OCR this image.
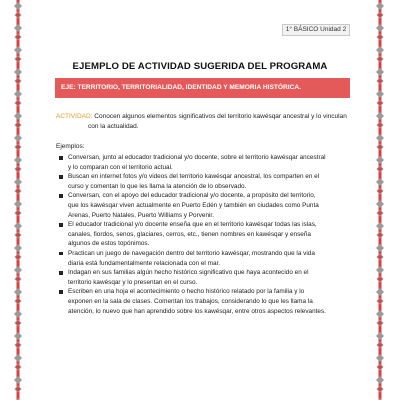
1° BÁSICO Unidad 2
EJEMPLO DE ACTIVIDAD SUGERIDA DEL PROGRAMA
EJE: TERRITORIO, TERRITORIALIDAD, IDENTIDAD Y MEMORIA HISTÓRICA.
ACTIVIDAD: Conocen algunos elementos significativos del territorio kawésqar ancestral y lo vinculan
con la actualidad.
Ejemplos:
Conversan, junto al educador tradicional y/o docente, sobre el territorio kawésqar ancestral
y lo comparan con el territorio actual.
Buscan en internet fotos y/o videos del territorio kawésqar ancestral, los comparten en el
curso y comentan lo que les llama la atención de lo observado.
Conversan, con el apoyo del educador tradicional y/o docente, a propósito del territorio,
que los kawésqar viven actualmente en Puerto Edén y también en ciudades como Punta
Arenas, Puerto Natales, Puerto Williams y Porvenir.
El educador tradicional y/o docente enseña que en el territorio kawésqar todas las islas,
canales, fiordos, senos, glaciares, cerros, etc., tienen nombres en kawésqar y enseña
algunos de estos topónimos.
Practican un juego de navegación dentro del territorio kawésqar, mostrando que la vida
diaria está fundamentalmente relacionada con el mar.
Indagan en sus familias algún hecho histórico significativo que haya acontecido en el
territorio kawésqar y lo presentan en el curso.
Escriben en una hoja el acontecimiento o hecho histórico relatado por la familia y lo
exponen en la sala de clases. Comentan los trabajos, considerando lo que les llama la
atención, lo nuevo que han aprendido sobre los kawésqar, entre otros aspectos relevantes.
